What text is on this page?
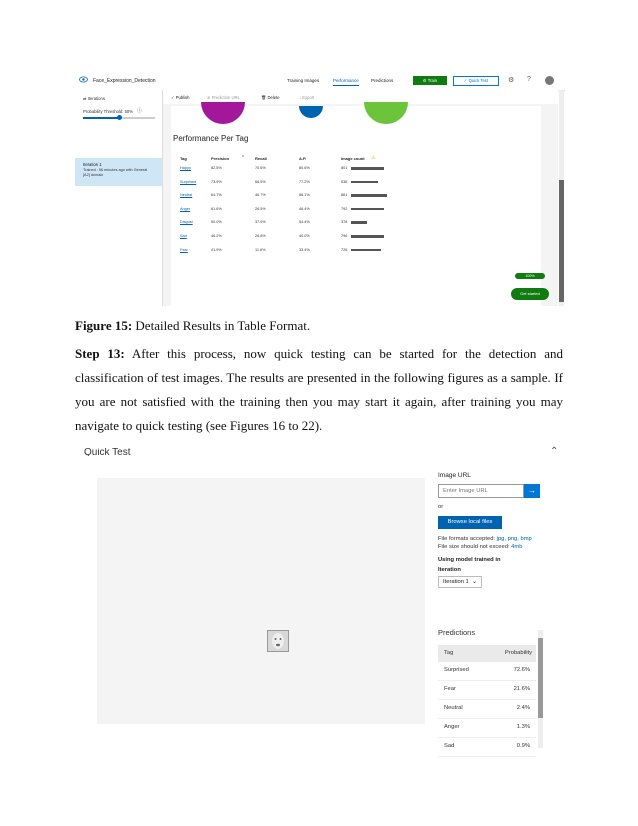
Face_Expression_Detection	Training Images	Performance	Predictions	⚙ Train	✓ Quick Test	⚙ ?
⇄ Iterations
Probability Threshold: 50% ⓘ
Iteration 1
Trained : 56 minutes ago with General [A2] domain
✓ Publish	⊕ Prediction URL	🗑 Delete	↓ Export
Performance Per Tag
Tag	Precision ⌃ Recall	A.P.	Image count ⚠
Happy	82.5%	70.6%	80.6%	801
Surprised	73.9%	66.5%	77.2%	636
Neutral	64.7%	46.7%	56.1%	861
Anger	61.6%	26.5%	46.4%	792
Disgust	50.0%	37.9%	54.4%	378
Sad	46.2%	26.8%	40.0%	796
Fear	41.9%	11.6%	33.4%	726
100%
Get started
Figure 15: Detailed Results in Table Format.
Step 13: After this process, now quick testing can be started for the detection and classification of test images. The results are presented in the following figures as a sample. If you are not satisfied with the training then you may start it again, after training you may navigate to quick testing (see Figures 16 to 22).
Quick Test	⌃
Image URL
Enter Image URL	→
or
Browse local files
File formats accepted: jpg, png, bmp
File size should not exceed: 4mb
Using model trained in
Iteration
Iteration 1 ⌄
Predictions
Tag	Probability
Surprised	72.6%
Fear	21.6%
Neutral	2.4%
Anger	1.3%
Sad	0.9%
